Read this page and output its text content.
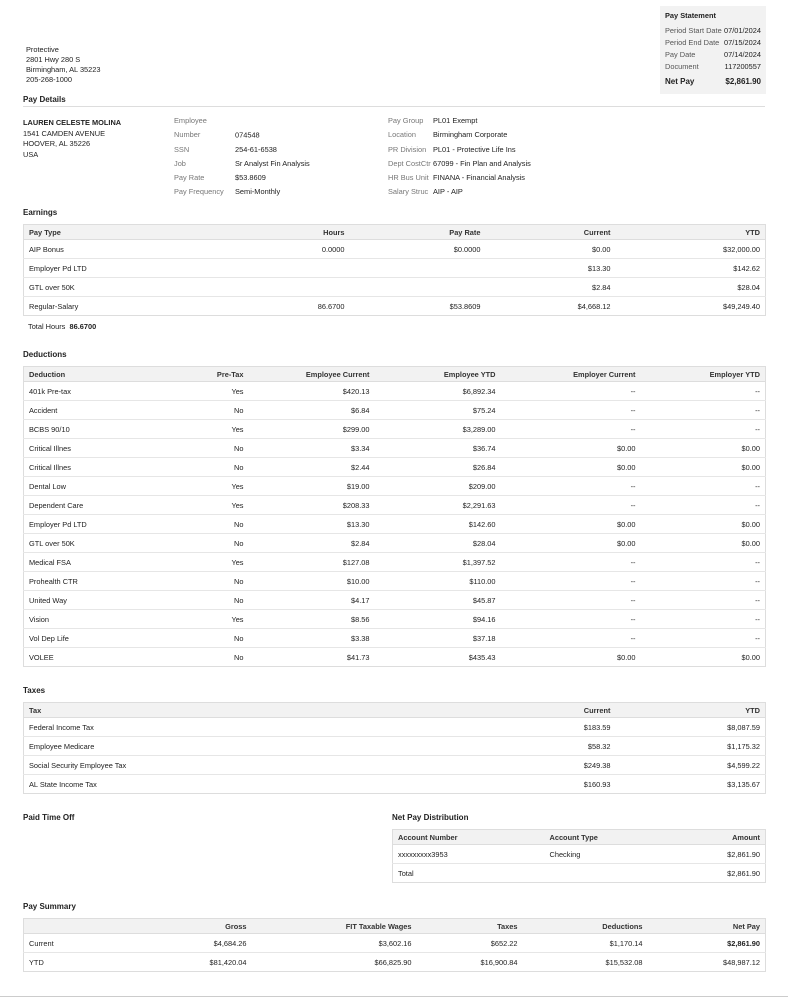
Pay Statement
Period Start Date 07/01/2024
Period End Date 07/15/2024
Pay Date	07/14/2024
Document	117200557
Net Pay	$2,861.90
Protective
2801 Hwy 280 S
Birmingham, AL 35223
205-268-1000
Pay Details
LAUREN CELESTE MOLINA
1541 CAMDEN AVENUE
HOOVER, AL 35226
USA
Employee Number	074548
SSN	254-61-6538
Job	Sr Analyst Fin Analysis
Pay Rate	$53.8609
Pay Frequency Semi-Monthly
Pay Group PL01 Exempt
Location Birmingham Corporate
PR Division PL01 - Protective Life Ins
Dept CostCtr 67099 - Fin Plan and Analysis
HR Bus Unit FINANA - Financial Analysis
Salary Struc AIP - AIP
Earnings
Pay Type	Hours	Pay Rate	Current	YTD
AIP Bonus	0.0000	$0.0000	$0.00	$32,000.00
Employer Pd LTD			$13.30	$142.62
GTL over 50K			$2.84	$28.04
Regular-Salary	86.6700	$53.8609	$4,668.12	$49,249.40
Total Hours 86.6700
Deductions
Deduction	Pre-Tax	Employee Current	Employee YTD	Employer Current	Employer YTD
401k Pre-tax	Yes	$420.13	$6,892.34	--	--
Accident	No	$6.84	$75.24	--	--
BCBS 90/10	Yes	$299.00	$3,289.00	--	--
Critical Illnes	No	$3.34	$36.74	$0.00	$0.00
Critical Illnes	No	$2.44	$26.84	$0.00	$0.00
Dental Low	Yes	$19.00	$209.00	--	--
Dependent Care	Yes	$208.33	$2,291.63	--	--
Employer Pd LTD	No	$13.30	$142.60	$0.00	$0.00
GTL over 50K	No	$2.84	$28.04	$0.00	$0.00
Medical FSA	Yes	$127.08	$1,397.52	--	--
Prohealth CTR	No	$10.00	$110.00	--	--
United Way	No	$4.17	$45.87	--	--
Vision	Yes	$8.56	$94.16	--	--
Vol Dep Life	No	$3.38	$37.18	--	--
VOLEE	No	$41.73	$435.43	$0.00	$0.00
Taxes
Tax	Current	YTD
Federal Income Tax	$183.59	$8,087.59
Employee Medicare	$58.32	$1,175.32
Social Security Employee Tax	$249.38	$4,599.22
AL State Income Tax	$160.93	$3,135.67
Paid Time Off	Net Pay Distribution
Account Number	Account Type	Amount
xxxxxxxxx3953	Checking	$2,861.90
Total		$2,861.90
Pay Summary
	Gross	FIT Taxable Wages	Taxes	Deductions	Net Pay
Current	$4,684.26	$3,602.16	$652.22	$1,170.14	$2,861.90
YTD	$81,420.04	$66,825.90	$16,900.84	$15,532.08	$48,987.12
